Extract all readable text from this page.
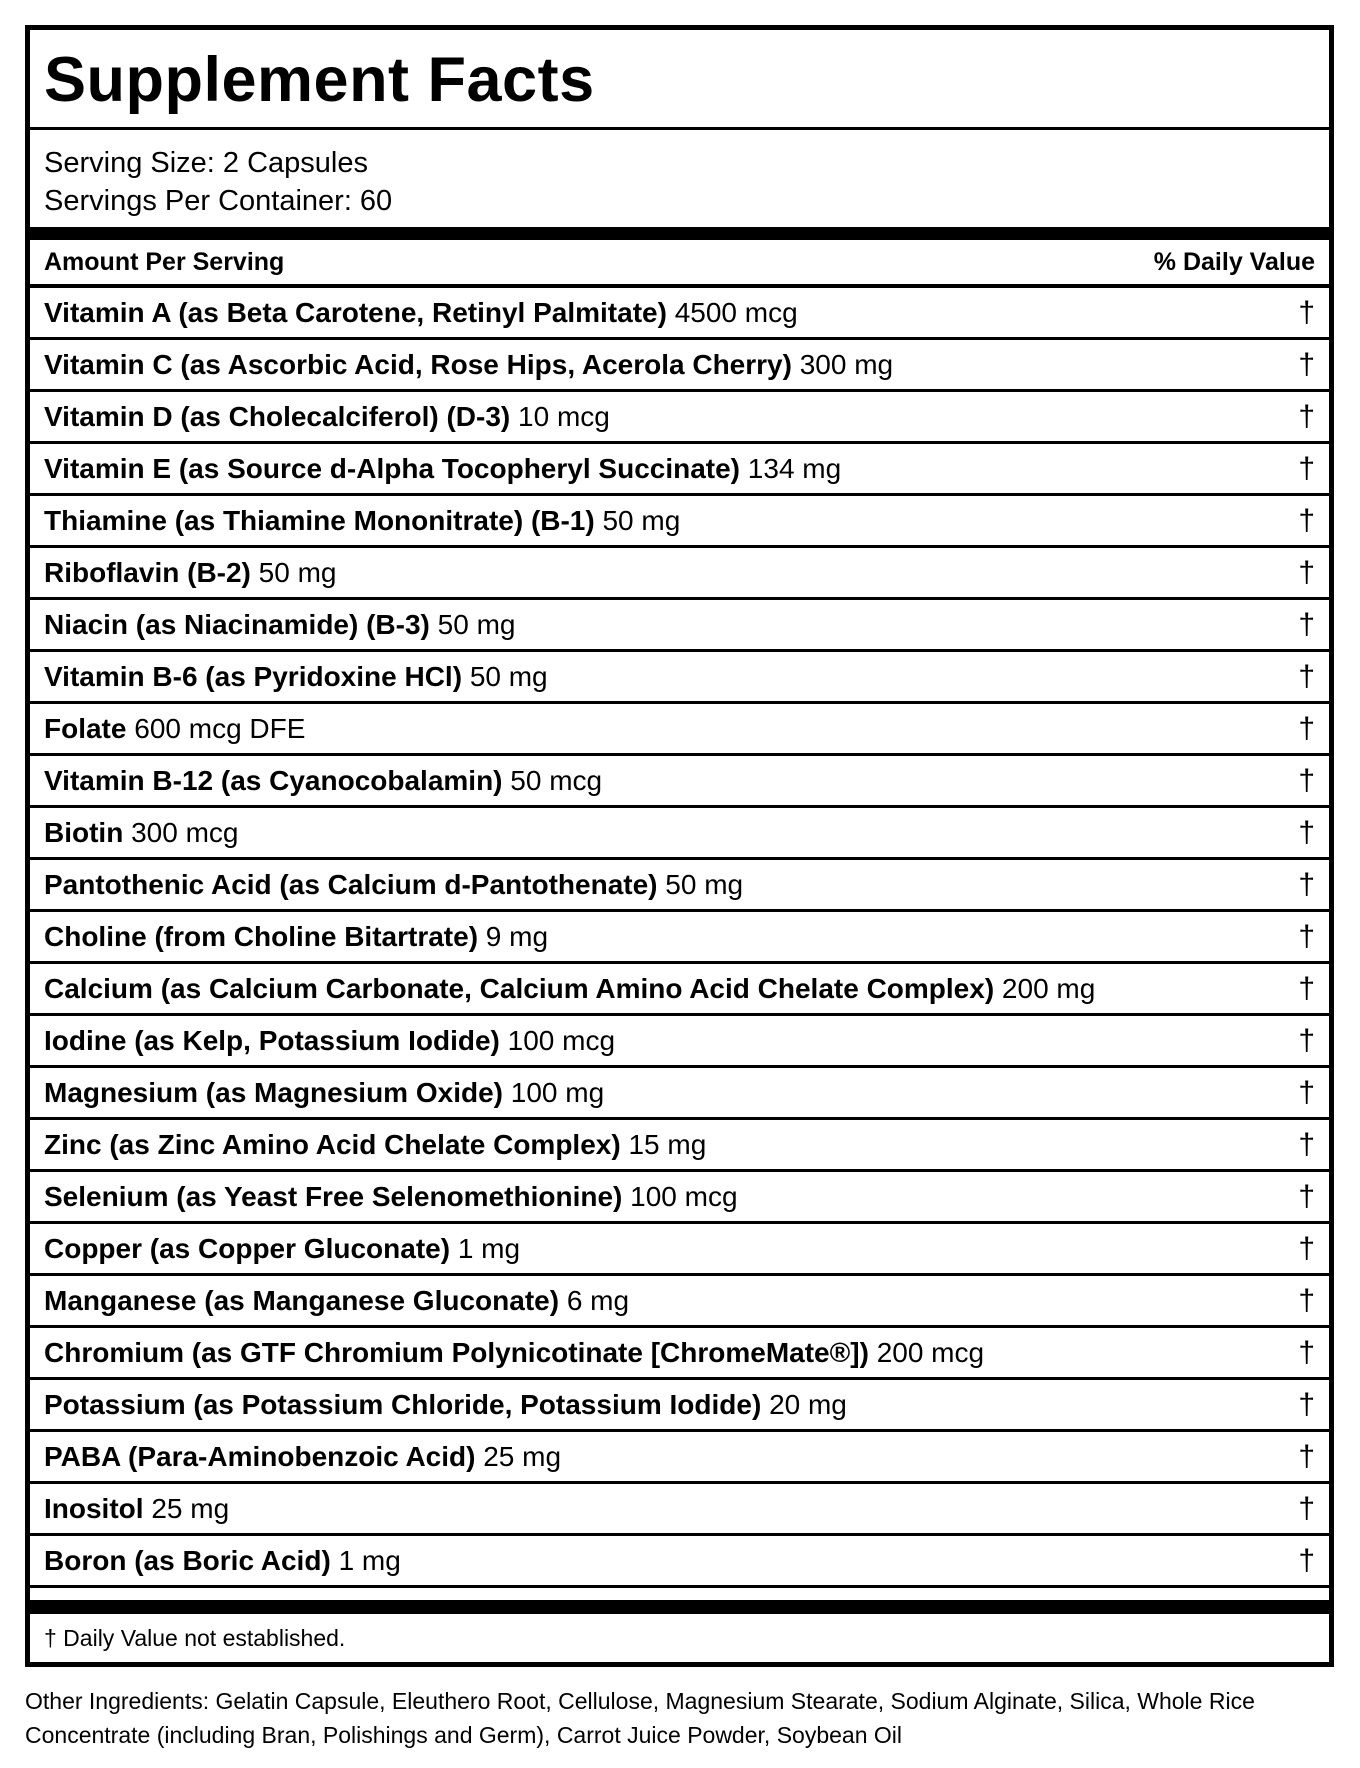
Supplement Facts
Serving Size: 2 Capsules
Servings Per Container: 60
Amount Per Serving	% Daily Value
Vitamin A (as Beta Carotene, Retinyl Palmitate) 4500 mcg	†
Vitamin C (as Ascorbic Acid, Rose Hips, Acerola Cherry) 300 mg	†
Vitamin D (as Cholecalciferol) (D-3) 10 mcg	†
Vitamin E (as Source d-Alpha Tocopheryl Succinate) 134 mg	†
Thiamine (as Thiamine Mononitrate) (B-1) 50 mg	†
Riboflavin (B-2) 50 mg	†
Niacin (as Niacinamide) (B-3) 50 mg	†
Vitamin B-6 (as Pyridoxine HCl) 50 mg	†
Folate 600 mcg DFE	†
Vitamin B-12 (as Cyanocobalamin) 50 mcg	†
Biotin 300 mcg	†
Pantothenic Acid (as Calcium d-Pantothenate) 50 mg	†
Choline (from Choline Bitartrate) 9 mg	†
Calcium (as Calcium Carbonate, Calcium Amino Acid Chelate Complex) 200 mg	†
Iodine (as Kelp, Potassium Iodide) 100 mcg	†
Magnesium (as Magnesium Oxide) 100 mg	†
Zinc (as Zinc Amino Acid Chelate Complex) 15 mg	†
Selenium (as Yeast Free Selenomethionine) 100 mcg	†
Copper (as Copper Gluconate) 1 mg	†
Manganese (as Manganese Gluconate) 6 mg	†
Chromium (as GTF Chromium Polynicotinate [ChromeMate®]) 200 mcg	†
Potassium (as Potassium Chloride, Potassium Iodide) 20 mg	†
PABA (Para-Aminobenzoic Acid) 25 mg	†
Inositol 25 mg	†
Boron (as Boric Acid) 1 mg	†
† Daily Value not established.
Other Ingredients: Gelatin Capsule, Eleuthero Root, Cellulose, Magnesium Stearate, Sodium Alginate, Silica, Whole Rice Concentrate (including Bran, Polishings and Germ), Carrot Juice Powder, Soybean Oil
